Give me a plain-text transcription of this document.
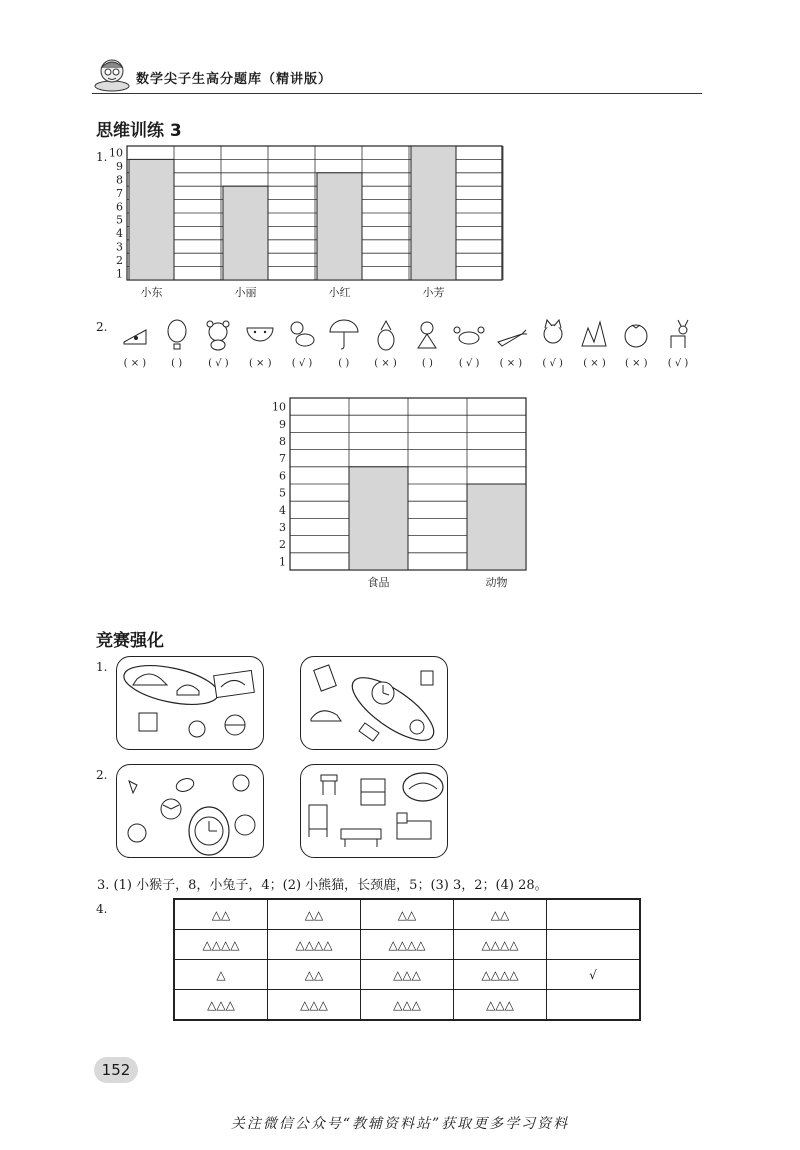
数学尖子生高分题库（精讲版）
思维训练 3
1.
小东	小丽	小红	小芳
1
2
3
4
5
6
7
8
9
10
2.
( × )	( )	( √ ) ( × ) ( √ )	( )	( × )	( )	( √ ) ( × ) ( √ ) ( × ) ( × ) ( √ )
食品	动物
1
2
3
4
5
6
7
8
9
10
竞赛强化
1.
2.
3. (1) 小猴子，8，小兔子，4；(2) 小熊猫，长颈鹿，5；(3) 3，2；(4) 28。
4.	△△	△△	△△	△△	
△△△△	△△△△	△△△△	△△△△	
△	△△	△△△	△△△△	√
△△△	△△△	△△△	△△△	
152
关注微信公众号“教辅资料站”获取更多学习资料
